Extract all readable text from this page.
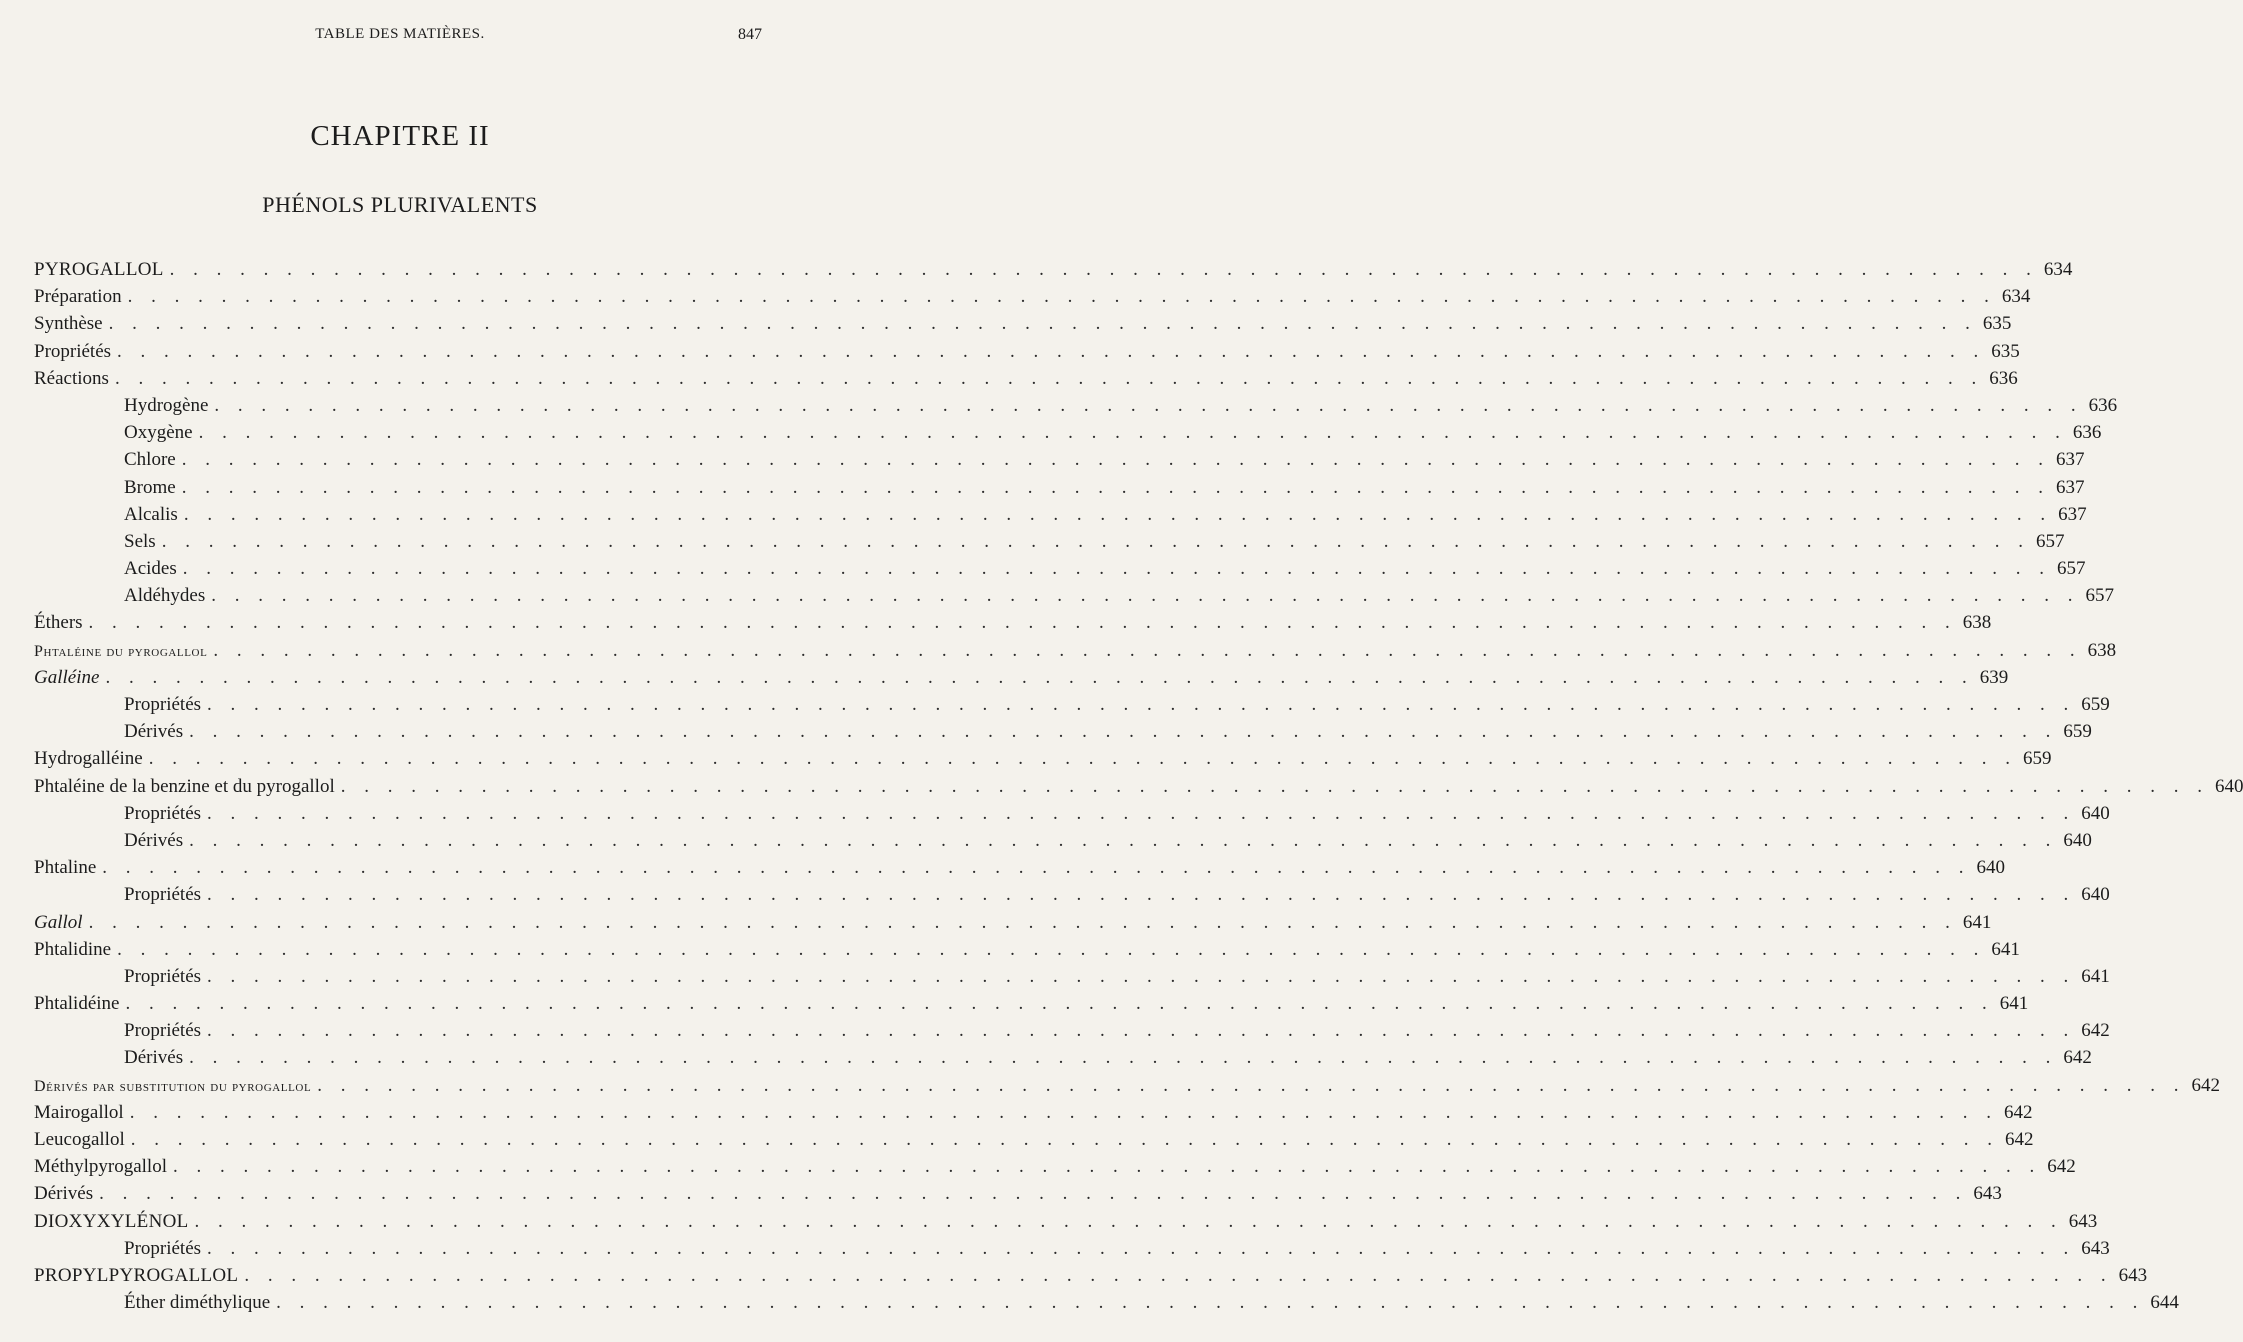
TABLE DES MATIÈRES.	847
CHAPITRE II
PHÉNOLS PLURIVALENTS
PYROGALLOL . . . . . . . . . . . . . . . . . . . . . . . . . . . . . . . . . . . . . . . . . . . . . . . . . . . . . . . . . . . . . . . . . . . . . . . . . . . . . . . . 634
Préparation . . . . . . . . . . . . . . . . . . . . . . . . . . . . . . . . . . . . . . . . . . . . . . . . . . . . . . . . . . . . . . . . . . . . . . . . . . . . . . . . 634
Synthèse . . . . . . . . . . . . . . . . . . . . . . . . . . . . . . . . . . . . . . . . . . . . . . . . . . . . . . . . . . . . . . . . . . . . . . . . . . . . . . . . 635
Propriétés . . . . . . . . . . . . . . . . . . . . . . . . . . . . . . . . . . . . . . . . . . . . . . . . . . . . . . . . . . . . . . . . . . . . . . . . . . . . . . . . 635
Réactions . . . . . . . . . . . . . . . . . . . . . . . . . . . . . . . . . . . . . . . . . . . . . . . . . . . . . . . . . . . . . . . . . . . . . . . . . . . . . . . . 636
Hydrogène . . . . . . . . . . . . . . . . . . . . . . . . . . . . . . . . . . . . . . . . . . . . . . . . . . . . . . . . . . . . . . . . . . . . . . . . . . . . . . . . 636
Oxygène . . . . . . . . . . . . . . . . . . . . . . . . . . . . . . . . . . . . . . . . . . . . . . . . . . . . . . . . . . . . . . . . . . . . . . . . . . . . . . . . 636
Chlore . . . . . . . . . . . . . . . . . . . . . . . . . . . . . . . . . . . . . . . . . . . . . . . . . . . . . . . . . . . . . . . . . . . . . . . . . . . . . . . . 637
Brome . . . . . . . . . . . . . . . . . . . . . . . . . . . . . . . . . . . . . . . . . . . . . . . . . . . . . . . . . . . . . . . . . . . . . . . . . . . . . . . . 637
Alcalis . . . . . . . . . . . . . . . . . . . . . . . . . . . . . . . . . . . . . . . . . . . . . . . . . . . . . . . . . . . . . . . . . . . . . . . . . . . . . . . . 637
Sels . . . . . . . . . . . . . . . . . . . . . . . . . . . . . . . . . . . . . . . . . . . . . . . . . . . . . . . . . . . . . . . . . . . . . . . . . . . . . . . . 657
Acides . . . . . . . . . . . . . . . . . . . . . . . . . . . . . . . . . . . . . . . . . . . . . . . . . . . . . . . . . . . . . . . . . . . . . . . . . . . . . . . . 657
Aldéhydes . . . . . . . . . . . . . . . . . . . . . . . . . . . . . . . . . . . . . . . . . . . . . . . . . . . . . . . . . . . . . . . . . . . . . . . . . . . . . . . . 657
Éthers . . . . . . . . . . . . . . . . . . . . . . . . . . . . . . . . . . . . . . . . . . . . . . . . . . . . . . . . . . . . . . . . . . . . . . . . . . . . . . . . 638
Phtaléine du pyrogallol . . . . . . . . . . . . . . . . . . . . . . . . . . . . . . . . . . . . . . . . . . . . . . . . . . . . . . . . . . . . . . . . . . . . . . . . . . . . . . . . 638
Galléine . . . . . . . . . . . . . . . . . . . . . . . . . . . . . . . . . . . . . . . . . . . . . . . . . . . . . . . . . . . . . . . . . . . . . . . . . . . . . . . . 639
Propriétés . . . . . . . . . . . . . . . . . . . . . . . . . . . . . . . . . . . . . . . . . . . . . . . . . . . . . . . . . . . . . . . . . . . . . . . . . . . . . . . . 659
Dérivés . . . . . . . . . . . . . . . . . . . . . . . . . . . . . . . . . . . . . . . . . . . . . . . . . . . . . . . . . . . . . . . . . . . . . . . . . . . . . . . . 659
Hydrogalléine . . . . . . . . . . . . . . . . . . . . . . . . . . . . . . . . . . . . . . . . . . . . . . . . . . . . . . . . . . . . . . . . . . . . . . . . . . . . . . . . 659
Phtaléine de la benzine et du pyrogallol . . . . . . . . . . . . . . . . . . . . . . . . . . . . . . . . . . . . . . . . . . . . . . . . . . . . . . . . . . . . . . . . . . . . . . . . . . . . . . . . 640
Propriétés . . . . . . . . . . . . . . . . . . . . . . . . . . . . . . . . . . . . . . . . . . . . . . . . . . . . . . . . . . . . . . . . . . . . . . . . . . . . . . . . 640
Dérivés . . . . . . . . . . . . . . . . . . . . . . . . . . . . . . . . . . . . . . . . . . . . . . . . . . . . . . . . . . . . . . . . . . . . . . . . . . . . . . . . 640
Phtaline . . . . . . . . . . . . . . . . . . . . . . . . . . . . . . . . . . . . . . . . . . . . . . . . . . . . . . . . . . . . . . . . . . . . . . . . . . . . . . . . 640
Propriétés . . . . . . . . . . . . . . . . . . . . . . . . . . . . . . . . . . . . . . . . . . . . . . . . . . . . . . . . . . . . . . . . . . . . . . . . . . . . . . . . 640
Gallol . . . . . . . . . . . . . . . . . . . . . . . . . . . . . . . . . . . . . . . . . . . . . . . . . . . . . . . . . . . . . . . . . . . . . . . . . . . . . . . . 641
Phtalidine . . . . . . . . . . . . . . . . . . . . . . . . . . . . . . . . . . . . . . . . . . . . . . . . . . . . . . . . . . . . . . . . . . . . . . . . . . . . . . . . 641
Propriétés . . . . . . . . . . . . . . . . . . . . . . . . . . . . . . . . . . . . . . . . . . . . . . . . . . . . . . . . . . . . . . . . . . . . . . . . . . . . . . . . 641
Phtalidéine . . . . . . . . . . . . . . . . . . . . . . . . . . . . . . . . . . . . . . . . . . . . . . . . . . . . . . . . . . . . . . . . . . . . . . . . . . . . . . . . 641
Propriétés . . . . . . . . . . . . . . . . . . . . . . . . . . . . . . . . . . . . . . . . . . . . . . . . . . . . . . . . . . . . . . . . . . . . . . . . . . . . . . . . 642
Dérivés . . . . . . . . . . . . . . . . . . . . . . . . . . . . . . . . . . . . . . . . . . . . . . . . . . . . . . . . . . . . . . . . . . . . . . . . . . . . . . . . 642
Dérivés par substitution du pyrogallol . . . . . . . . . . . . . . . . . . . . . . . . . . . . . . . . . . . . . . . . . . . . . . . . . . . . . . . . . . . . . . . . . . . . . . . . . . . . . . . . 642
Mairogallol . . . . . . . . . . . . . . . . . . . . . . . . . . . . . . . . . . . . . . . . . . . . . . . . . . . . . . . . . . . . . . . . . . . . . . . . . . . . . . . . 642
Leucogallol . . . . . . . . . . . . . . . . . . . . . . . . . . . . . . . . . . . . . . . . . . . . . . . . . . . . . . . . . . . . . . . . . . . . . . . . . . . . . . . . 642
Méthylpyrogallol . . . . . . . . . . . . . . . . . . . . . . . . . . . . . . . . . . . . . . . . . . . . . . . . . . . . . . . . . . . . . . . . . . . . . . . . . . . . . . . . 642
Dérivés . . . . . . . . . . . . . . . . . . . . . . . . . . . . . . . . . . . . . . . . . . . . . . . . . . . . . . . . . . . . . . . . . . . . . . . . . . . . . . . . 643
DIOXYXYLÉNOL . . . . . . . . . . . . . . . . . . . . . . . . . . . . . . . . . . . . . . . . . . . . . . . . . . . . . . . . . . . . . . . . . . . . . . . . . . . . . . . . 643
Propriétés . . . . . . . . . . . . . . . . . . . . . . . . . . . . . . . . . . . . . . . . . . . . . . . . . . . . . . . . . . . . . . . . . . . . . . . . . . . . . . . . 643
PROPYLPYROGALLOL . . . . . . . . . . . . . . . . . . . . . . . . . . . . . . . . . . . . . . . . . . . . . . . . . . . . . . . . . . . . . . . . . . . . . . . . . . . . . . . . 643
Éther diméthylique . . . . . . . . . . . . . . . . . . . . . . . . . . . . . . . . . . . . . . . . . . . . . . . . . . . . . . . . . . . . . . . . . . . . . . . . . . . . . . . . 644
